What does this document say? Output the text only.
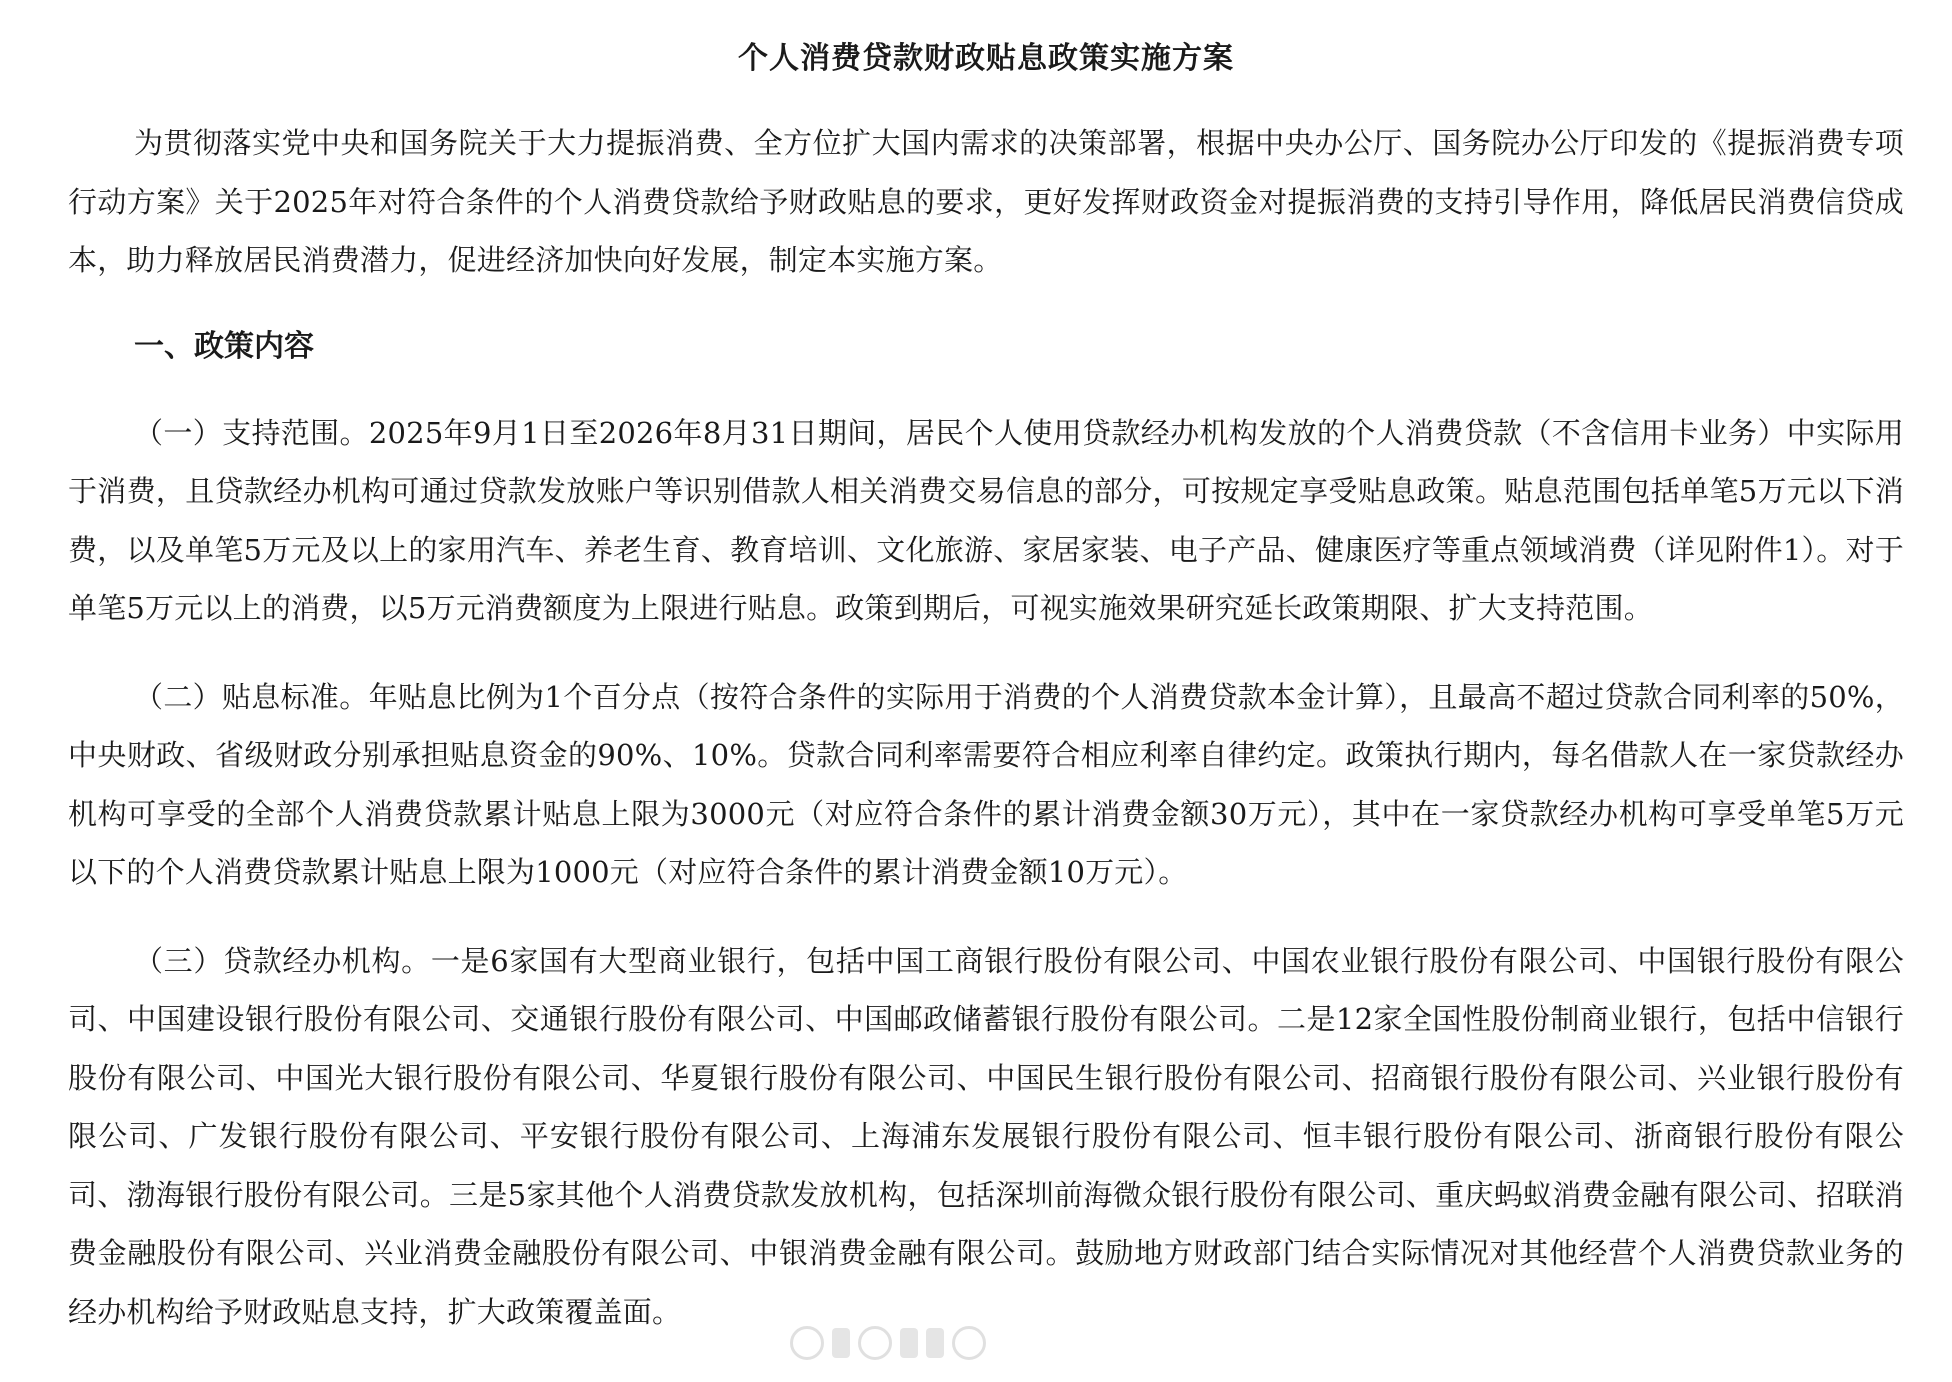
个人消费贷款财政贴息政策实施方案

为贯彻落实党中央和国务院关于大力提振消费、全方位扩大国内需求的决策部署，根据中央办公厅、国务院办公厅印发的《提振消费专项行动方案》关于2025年对符合条件的个人消费贷款给予财政贴息的要求，更好发挥财政资金对提振消费的支持引导作用，降低居民消费信贷成本，助力释放居民消费潜力，促进经济加快向好发展，制定本实施方案。

一、政策内容

（一）支持范围。2025年9月1日至2026年8月31日期间，居民个人使用贷款经办机构发放的个人消费贷款（不含信用卡业务）中实际用于消费，且贷款经办机构可通过贷款发放账户等识别借款人相关消费交易信息的部分，可按规定享受贴息政策。贴息范围包括单笔5万元以下消费，以及单笔5万元及以上的家用汽车、养老生育、教育培训、文化旅游、家居家装、电子产品、健康医疗等重点领域消费（详见附件1）。对于单笔5万元以上的消费，以5万元消费额度为上限进行贴息。政策到期后，可视实施效果研究延长政策期限、扩大支持范围。

（二）贴息标准。年贴息比例为1个百分点（按符合条件的实际用于消费的个人消费贷款本金计算），且最高不超过贷款合同利率的50%，中央财政、省级财政分别承担贴息资金的90%、10%。贷款合同利率需要符合相应利率自律约定。政策执行期内，每名借款人在一家贷款经办机构可享受的全部个人消费贷款累计贴息上限为3000元（对应符合条件的累计消费金额30万元），其中在一家贷款经办机构可享受单笔5万元以下的个人消费贷款累计贴息上限为1000元（对应符合条件的累计消费金额10万元）。

（三）贷款经办机构。一是6家国有大型商业银行，包括中国工商银行股份有限公司、中国农业银行股份有限公司、中国银行股份有限公司、中国建设银行股份有限公司、交通银行股份有限公司、中国邮政储蓄银行股份有限公司。二是12家全国性股份制商业银行，包括中信银行股份有限公司、中国光大银行股份有限公司、华夏银行股份有限公司、中国民生银行股份有限公司、招商银行股份有限公司、兴业银行股份有限公司、广发银行股份有限公司、平安银行股份有限公司、上海浦东发展银行股份有限公司、恒丰银行股份有限公司、浙商银行股份有限公司、渤海银行股份有限公司。三是5家其他个人消费贷款发放机构，包括深圳前海微众银行股份有限公司、重庆蚂蚁消费金融有限公司、招联消费金融股份有限公司、兴业消费金融股份有限公司、中银消费金融有限公司。鼓励地方财政部门结合实际情况对其他经营个人消费贷款业务的经办机构给予财政贴息支持，扩大政策覆盖面。
